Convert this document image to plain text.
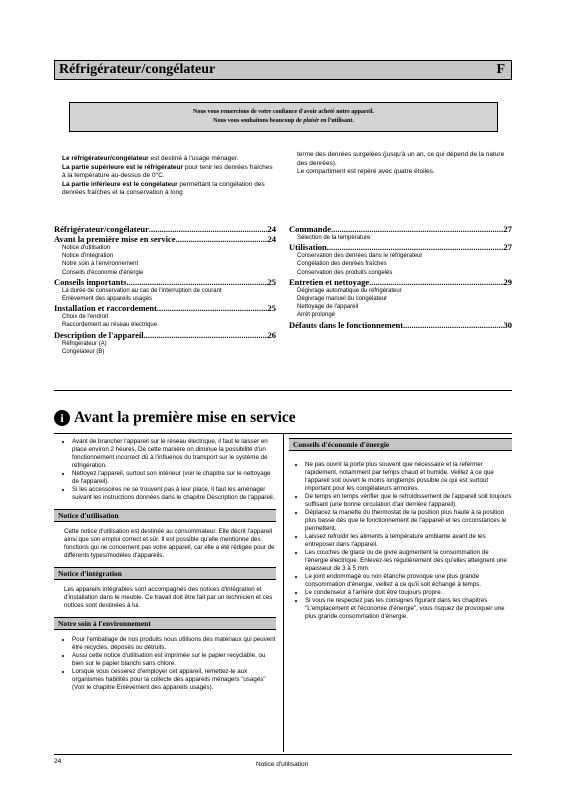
Réfrigérateur/congélateur	F
Nous vous remercions de votre confiance d'avoir acheté notre appareil.
Nous vous souhaitons beaucoup de plaisir en l'utilisant.
Le réfrigérateur/congélateur est destiné à l'usage ménager.
La partie supérieure est le réfrigérateur pour tenir les denrées fraîches à la température au-dessus de 0°C.
La partie inférieure est le congélateur permettant la congélation des denrées fraîches et la conservation à long
terme des denrées surgelées (jusqu'à un an, ce qui dépend de la nature des denrées).
Le compartiment est repéré avec quatre étoiles.
Réfrigérateur/congélateur .....	24
Avant la première mise en service .....	24
Notice d'utilisation
Notice d'intégration
Notre soin à l'environnement
Conseils d'économie d'énergie
Conseils importants .....	25
La durée de conservation au cas de l'interruption de courant
Enlèvement des appareils usagés
Installation et raccordement .....	25
Choix de l'endroit
Raccordement au réseau électrique
Description de l'appareil .....	26
Réfrigérateur (A)
Congélateur (B)
Commande .....	27
Sélection de la température
Utilisation .....	27
Conservation des denrées dans le réfrigérateur
Congélation des denrées fraîches
Conservation des produits congelés
Entretien et nettoyage .....	29
Dégivrage automatique du réfrigérateur
Dégivrage manuel du congélateur
Nettoyage de l'appareil
Arrêt prolongé
Défauts dans le fonctionnement .....	30
i Avant la première mise en service
• Avant de brancher l'appareil sur le réseau électrique, il faut le laisser en place environ 2 heures. De cette manière on diminue la possibilité d'un fonctionnement incorrect dû à l'influence du transport sur le système de réfrigération.
• Nettoyez l'appareil, surtout son intérieur (voir le chapitre sur le nettoyage de l'appareil).
• Si les accessoires ne se trouvent pas à leur place, il faut les aménager suivant les instructions données dans le chapitre Description de l'appareil.
Notice d'utilisation

Cette notice d'utilisation est destinée au consommateur. Elle décrit l'appareil ainsi que son emploi correct et sûr. Il est possible qu'elle mentionne des fonctions qui ne concernent pas votre appareil, car elle a été rédigée pour de différents types/modèles d'appareils.

Notice d'intégration

Les appareils intégrables sont accompagnés des notices d'intégration et d'installation dans le meuble. Ce travail doit être fait par un technicien et ces notices sont destinées à lui.

Notre soin à l'environnement
• Pour l'emballage de nos produits nous utilisons des matériaux qui peuvent être recyclés, déposés ou détruits.
• Aussi cette notice d'utilisation est imprimée sur le papier recyclable, ou bien sur le papier blanchi sans chlore.
• Lorsque vous cesserez d'employer cet appareil, remettez-le aux organismes habilités pour la collecte des appareils ménagers "usagés" (Voir le chapitre Enlèvement des appareils usagés).
Conseils d'économie d'énergie
• Ne pas ouvrir la porte plus souvent que nécessaire et la refermer rapidement, notamment par temps chaud et humide. Veillez à ce que l'appareil soit ouvert le moins longtemps possible ce qui est surtout important pour les congélateurs armoires.
• De temps en temps vérifier que le refroidissement de l'appareil soit toujours suffisant (une bonne circulation d'air derrière l'appareil).
• Déplacez la manette du thermostat de la position plus haute à la position plus basse dès que le fonctionnement de l'appareil et les circonstances le permettent.
• Laissez refroidir les aliments à température ambiante avant de les entreposer dans l'appareil.
• Les couches de glace ou de givre augmentent la consommation de l'énergie électrique. Enlevez-les régulièrement dès qu'elles atteignent une épaisseur de 3 à 5 mm.
• Le joint endommagé ou non étanche provoque une plus grande consommation d'énergie, veillez à ce qu'il soit échangé à temps.
• Le condenseur à l'arrière doit être toujours propre.
• Si vous ne respectez pas les consignes figurant dans les chapitres "L'emplacement et l'économie d'énergie", vous risquez de provoquer une plus grande consommation d'énergie.
24	Notice d'utilisation
